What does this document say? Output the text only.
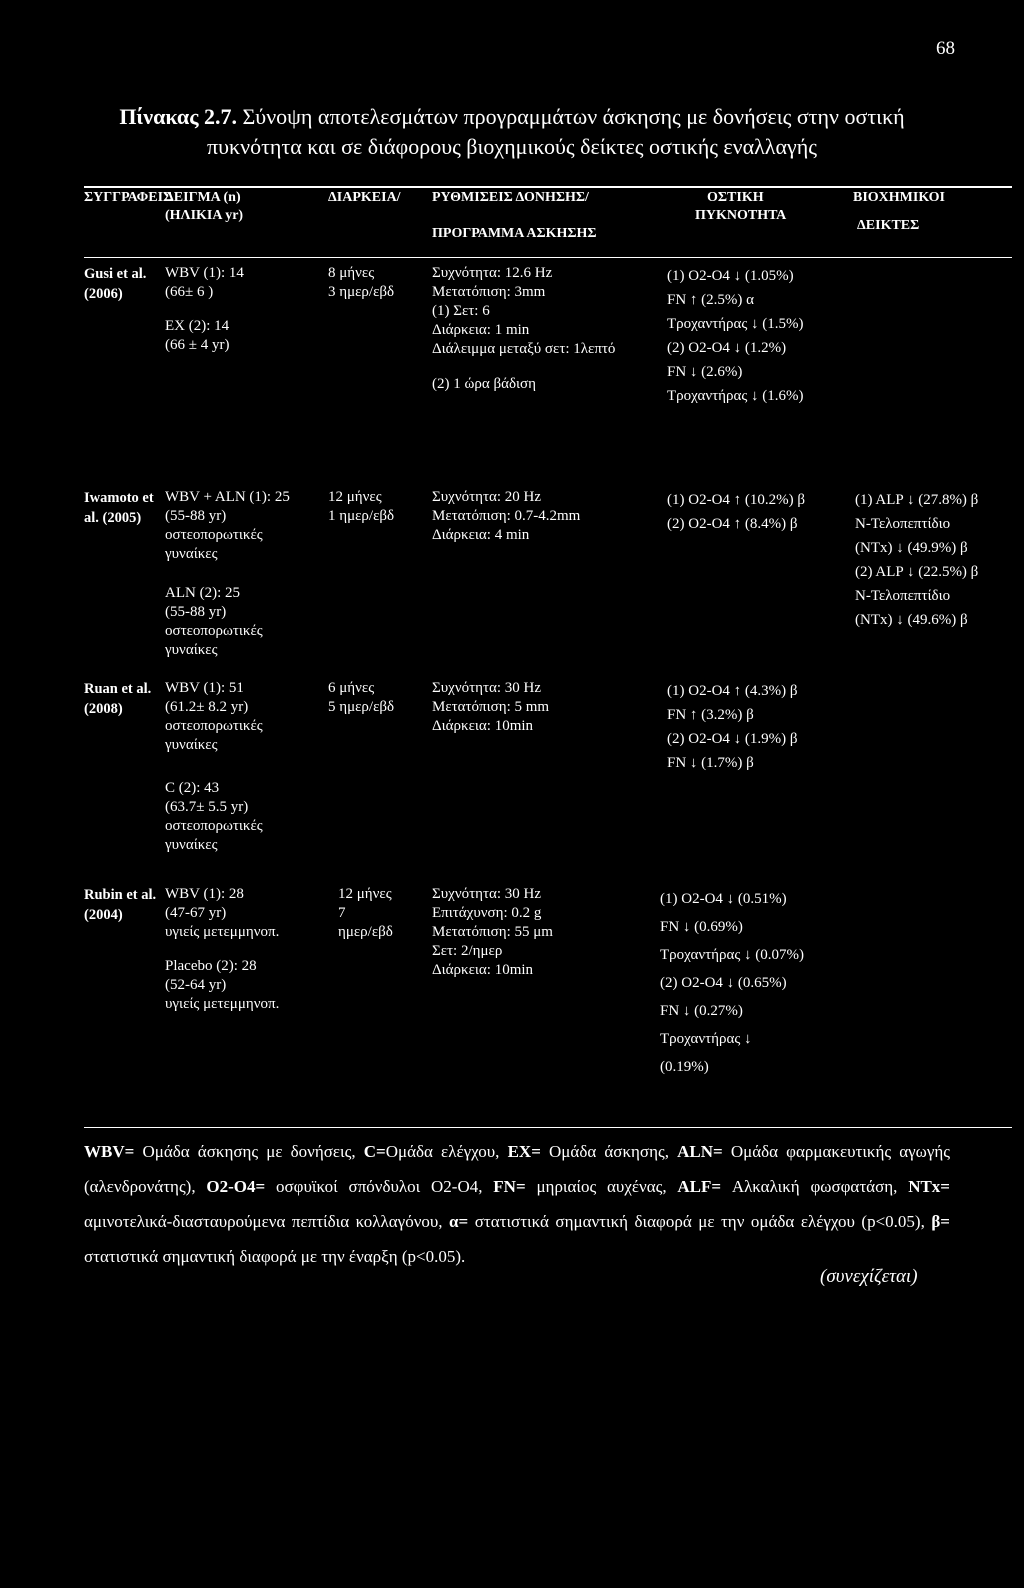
68
Πίνακας 2.7. Σύνοψη αποτελεσμάτων προγραμμάτων άσκησης με δονήσεις στην οστική
πυκνότητα και σε διάφορους βιοχημικούς δείκτες οστικής εναλλαγής
ΣΥΓΓΡΑΦΕΙΣ
ΔΕΙΓΜΑ (n)
(ΗΛΙΚΙΑ yr)
ΔΙΑΡΚΕΙΑ/ ΡΥΘΜΙΣΕΙΣ ΔΟΝΗΣΗΣ/
ΠΡΟΓΡΑΜΜΑ ΑΣΚΗΣΗΣ
ΟΣΤΙΚΗ
ΠΥΚΝΟΤΗΤΑ
ΒΙΟΧΗΜΙΚΟΙ
ΔΕΙΚΤΕΣ
Gusi et al.
(2006)
WBV (1): 14
(66± 6 )
EX (2): 14
(66 ± 4 yr)
8 μήνες
3 ημερ/εβδ
Συχνότητα: 12.6 Hz
Μετατόπιση: 3mm
(1) Σετ: 6
Διάρκεια: 1 min
Διάλειμμα μεταξύ σετ: 1λεπτό
(2) 1 ώρα βάδιση
(1) O2-O4 ↓ (1.05%)
FN ↑ (2.5%) α
Τροχαντήρας ↓ (1.5%)
(2) O2-O4 ↓ (1.2%)
FN ↓ (2.6%)
Τροχαντήρας ↓ (1.6%)
Iwamoto et
al. (2005)
WBV + ALN (1): 25
(55-88 yr)
οστεοπορωτικές
γυναίκες
ALN (2): 25
(55-88 yr)
οστεοπορωτικές
γυναίκες
12 μήνες
1 ημερ/εβδ
Συχνότητα: 20 Hz
Μετατόπιση: 0.7-4.2mm
Διάρκεια: 4 min
(1) O2-O4 ↑ (10.2%) β
(2) O2-O4 ↑ (8.4%) β
(1) ALP ↓ (27.8%) β
N-Τελοπεπτίδιο
(NTx) ↓ (49.9%) β
(2) ALP ↓ (22.5%) β
N-Τελοπεπτίδιο
(NTx) ↓ (49.6%) β
Ruan et al.
(2008)
WBV (1): 51
(61.2± 8.2 yr)
οστεοπορωτικές
γυναίκες
C (2): 43
(63.7± 5.5 yr)
οστεοπορωτικές
γυναίκες
6 μήνες
5 ημερ/εβδ
Συχνότητα: 30 Hz
Μετατόπιση: 5 mm
Διάρκεια: 10min
(1) O2-O4 ↑ (4.3%) β
FN ↑ (3.2%) β
(2) O2-O4 ↓ (1.9%) β
FN ↓ (1.7%) β
Rubin et al.
(2004)
WBV (1): 28
(47-67 yr)
υγιείς μετεμμηνοπ.
Placebo (2): 28
(52-64 yr)
υγιείς μετεμμηνοπ.
12 μήνες
7
ημερ/εβδ
Συχνότητα: 30 Hz
Επιτάχυνση: 0.2 g
Μετατόπιση: 55 μm
Σετ: 2/ημερ
Διάρκεια: 10min
(1) O2-O4 ↓ (0.51%)
FN ↓ (0.69%)
Τροχαντήρας ↓ (0.07%)
(2) O2-O4 ↓ (0.65%)
FN ↓ (0.27%)
Τροχαντήρας ↓
(0.19%)
WBV= Ομάδα άσκησης με δονήσεις, C=Ομάδα ελέγχου, EX= Ομάδα άσκησης, ALN= Ομάδα φαρμακευτικής αγωγής (αλενδρονάτης), O2-O4= οσφυϊκοί σπόνδυλοι O2-O4, FN= μηριαίος αυχένας, ALF= Αλκαλική φωσφατάση, NTx= αμινοτελικά-διασταυρούμενα πεπτίδια κολλαγόνου, α= στατιστικά σημαντική διαφορά με την ομάδα ελέγχου (p<0.05), β= στατιστικά σημαντική διαφορά με την έναρξη (p<0.05).
(συνεχίζεται)
